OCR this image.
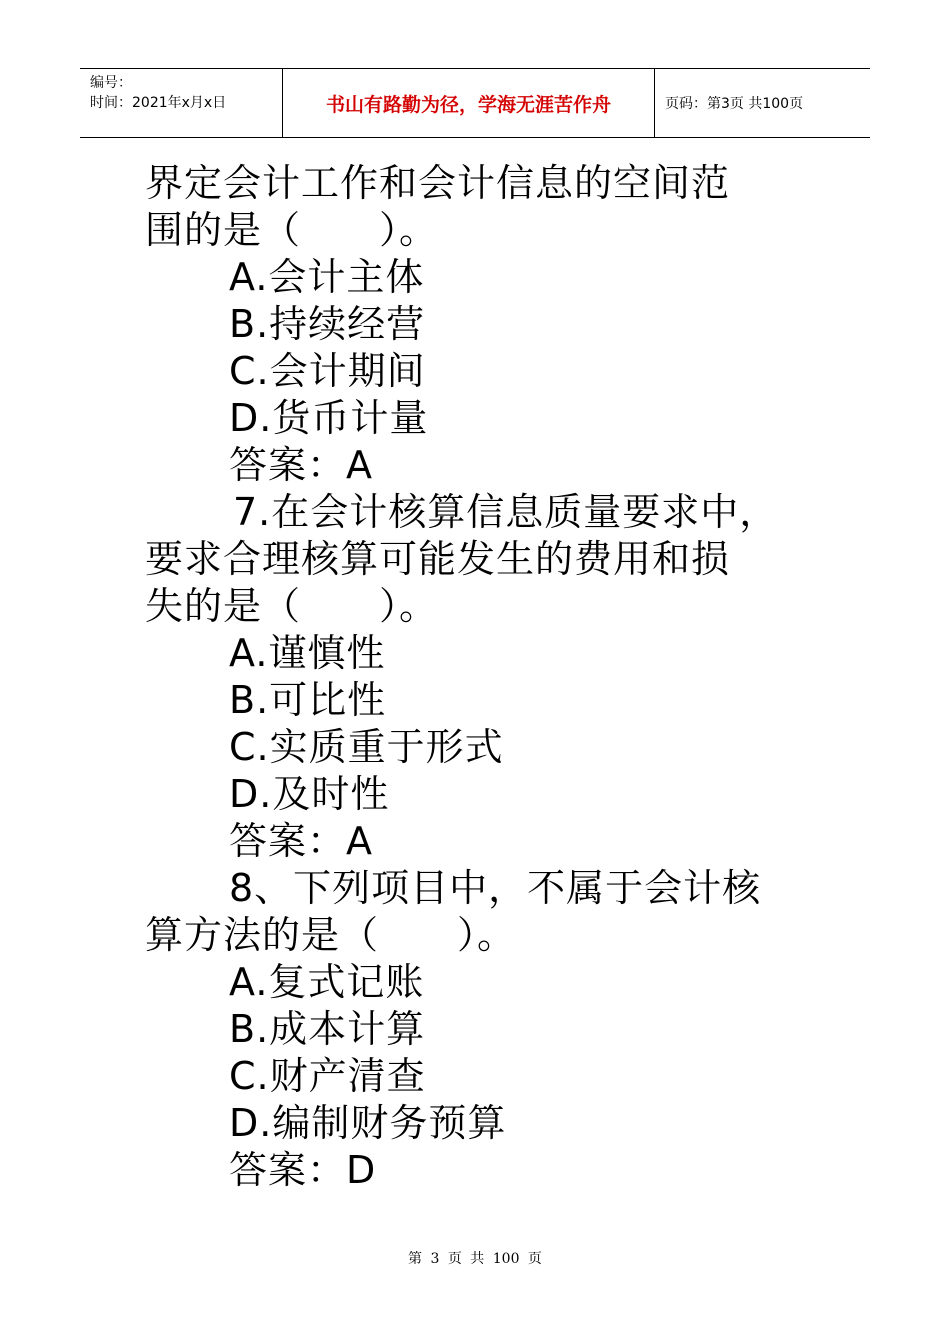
编号：
时间：2021年x月x日	书山有路勤为径，学海无涯苦作舟	页码：第3页 共100页
界定会计工作和会计信息的空间范
围的是（　　）。
A.会计主体
B.持续经营
C.会计期间
D.货币计量
答案：A
7.在会计核算信息质量要求中，
要求合理核算可能发生的费用和损
失的是（　　）。
A.谨慎性
B.可比性
C.实质重于形式
D.及时性
答案：A
8、下列项目中，不属于会计核
算方法的是（　　）。
A.复式记账
B.成本计算
C.财产清查
D.编制财务预算
答案：D
第 3 页 共 100 页
